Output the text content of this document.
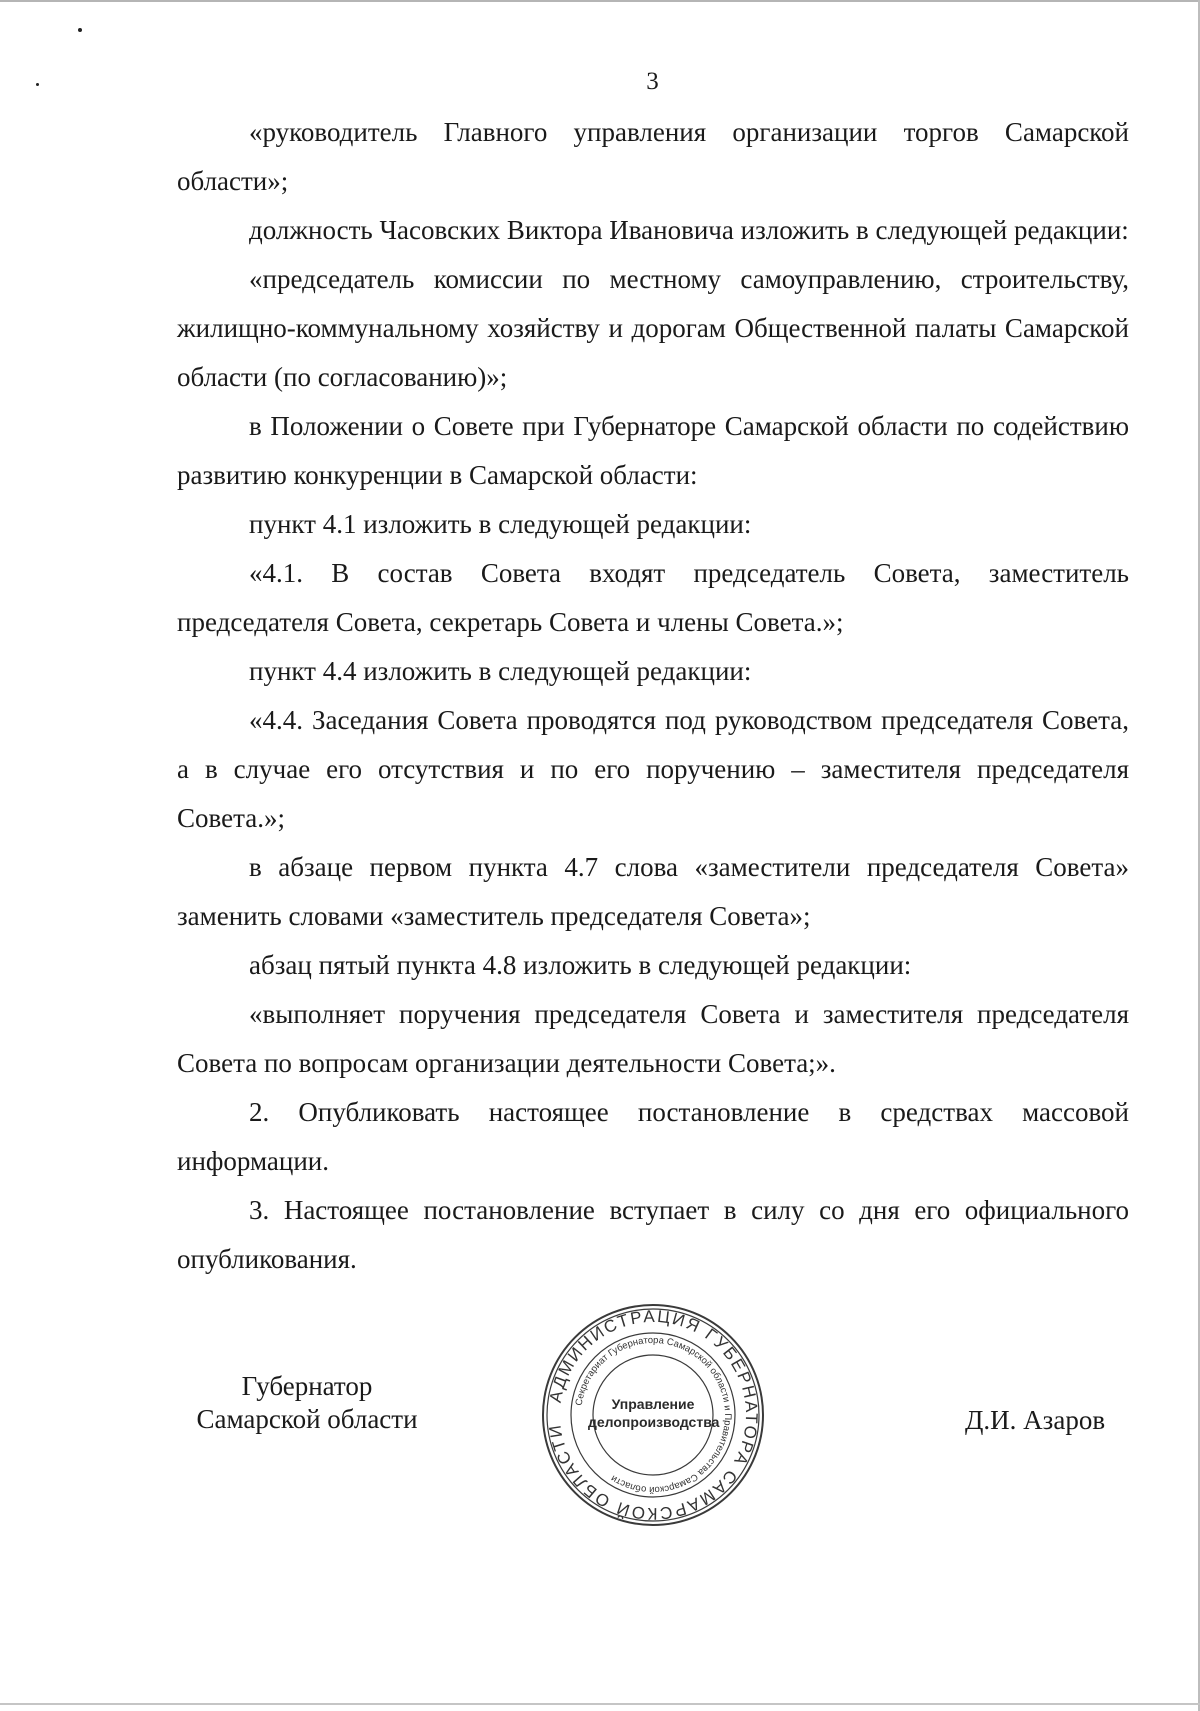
3

«руководитель Главного управления организации торгов Самарской области»;

должность Часовских Виктора Ивановича изложить в следующей редакции:

«председатель комиссии по местному самоуправлению, строительству, жилищно-коммунальному хозяйству и дорогам Общественной палаты Самарской области (по согласованию)»;

в Положении о Совете при Губернаторе Самарской области по содействию развитию конкуренции в Самарской области:

пункт 4.1 изложить в следующей редакции:

«4.1. В состав Совета входят председатель Совета, заместитель председателя Совета, секретарь Совета и члены Совета.»;

пункт 4.4 изложить в следующей редакции:

«4.4. Заседания Совета проводятся под руководством председателя Совета, а в случае его отсутствия и по его поручению – заместителя председателя Совета.»;

в абзаце первом пункта 4.7 слова «заместители председателя Совета» заменить словами «заместитель председателя Совета»;

абзац пятый пункта 4.8 изложить в следующей редакции:

«выполняет поручения председателя Совета и заместителя председателя Совета по вопросам организации деятельности Совета;».

2. Опубликовать настоящее постановление в средствах массовой информации.

3. Настоящее постановление вступает в силу со дня его официального опубликования.

Губернатор
Самарской области
АДМИНИСТРАЦИЯ ГУБЕРНАТОРА САМАРСКОЙ ОБЛАСТИ
Секретариат Губернатора Самарской области и Правительства Самарской области
Управление
делопроизводства	Д.И. Азаров
